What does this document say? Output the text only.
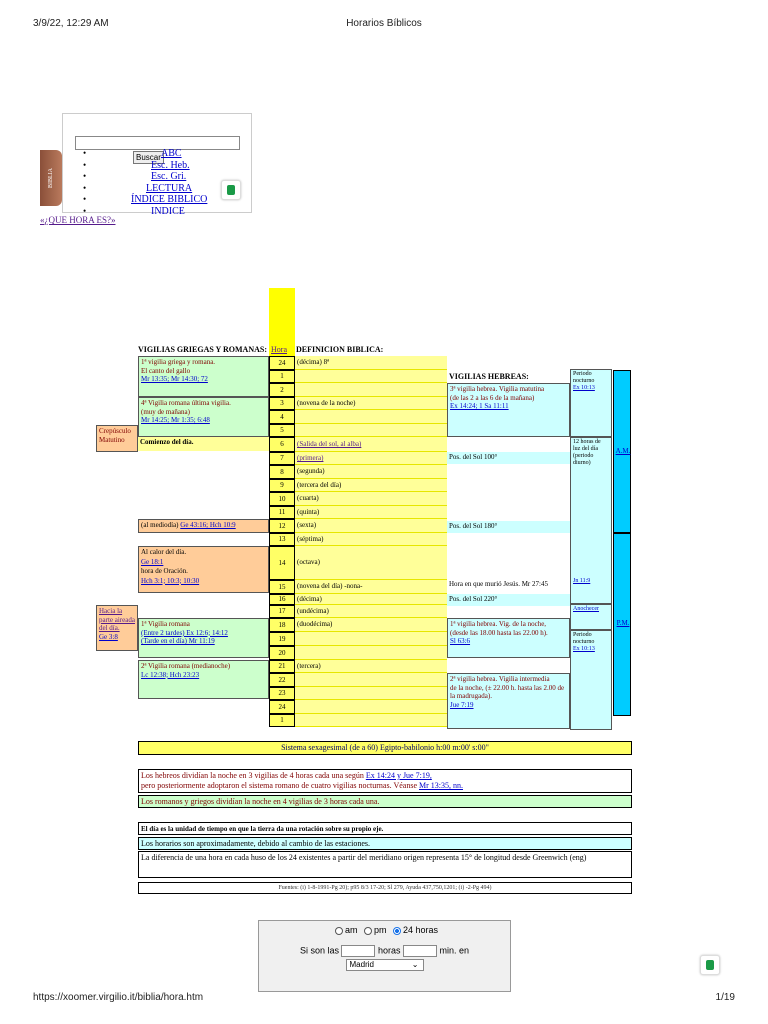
3/9/22, 12:29 AM	Horarios Bíblicos
BIBLIA
Buscar
•	ABC
•	Esc. Heb.
•	Esc. Gri.
•	LECTURA
•	ÍNDICE BIBLICO
•	INDICE
«¿QUE HORA ES?»
VIGILIAS GRIEGAS Y ROMANAS: Hora DEFINICION BIBLICA:
VIGILIAS HEBREAS:
24	(décima) 8ª
1
2
3	(novena de la noche)
4
5
6	(Salida del sol, al alba)
7	(primera)
8	(segunda)
9	(tercera del día)
10	(cuarta)
11	(quinta)
12	(sexta)
13	(séptima)
14	(octava)
15	(novena del día) -nona-
16	(décima)
17	(undécima)
18	(duodécima)
19
20
21	(tercera)
22
23
24
1
1ª vigilia griega y romana.
El canto del gallo
Mr 13:35; Mr 14:30; 72
4ª Vigilia romana última vigilia.
(muy de mañana)
Mr 14:25; Mr 1:35; 6:48
Crepúsculo Matutino	Comienzo del día.
(al mediodía) Ge 43:16; Hch 10:9
Al calor del día.
Ge 18:1
hora de Oración.
Hch 3:1; 10:3; 10:30
Hacia la parte aireada del día.
Ge 3:8
1ª Vigilia romana
(Entre 2 tardes) Ex 12:6; 14:12
(Tarde en el día) Mr 11:19
2ª Vigilia romana (medianoche)
Lc 12:38; Hch 23:23
3ª vigilia hebrea. Vigilia matutina
(de las 2 a las 6 de la mañana)
Ex 14:24; 1 Sa 11:11
Pos. del Sol 100°
Pos. del Sol 180°
Hora en que murió Jesús. Mr 27:45
Pos. del Sol 220°
1ª vigilia hebrea. Vig. de la noche,
(desde las 18.00 hasta las 22.00 h).
Sl 63:6
2ª vigilia hebrea. Vigilia intermedia
de la noche, (± 22.00 h. hasta las 2.00 de la madrugada).
Jue 7:19
Periodo nocturno
Ex 10:13
12 horas de luz del día (periodo diurno)
Jn 11:9
Anochecer
Periodo nocturno
Ex 10:13
A.M.
P.M.
Sistema sexagesimal (de a 60) Egipto-babilonio h:00 m:00' s:00"
Los hebreos dividían la noche en 3 vigilias de 4 horas cada una según Ex 14:24 y Jue 7:19,
pero posteriormente adoptaron el sistema romano de cuatro vigilias nocturnas. Véanse Mr 13:35, nn.
Los romanos y griegos dividían la noche en 4 vigilias de 3 horas cada una.
El día es la unidad de tiempo en que la tierra da una rotación sobre su propio eje.
Los horarios son aproximadamente, debido al cambio de las estaciones.
La diferencia de una hora en cada huso de los 24 existentes a partir del meridiano origen representa 15° de longitud desde Greenwich (eng)
Fuentes: (i) 1-8-1991-Pg 20); p95 8/3 17-20; Sl 279, Ayuda 437,750,1201; (i) -2-Pg 494)
am pm 24 horas
Si son las	horas	min. en
Madrid	⌄
https://xoomer.virgilio.it/biblia/hora.htm	1/19
